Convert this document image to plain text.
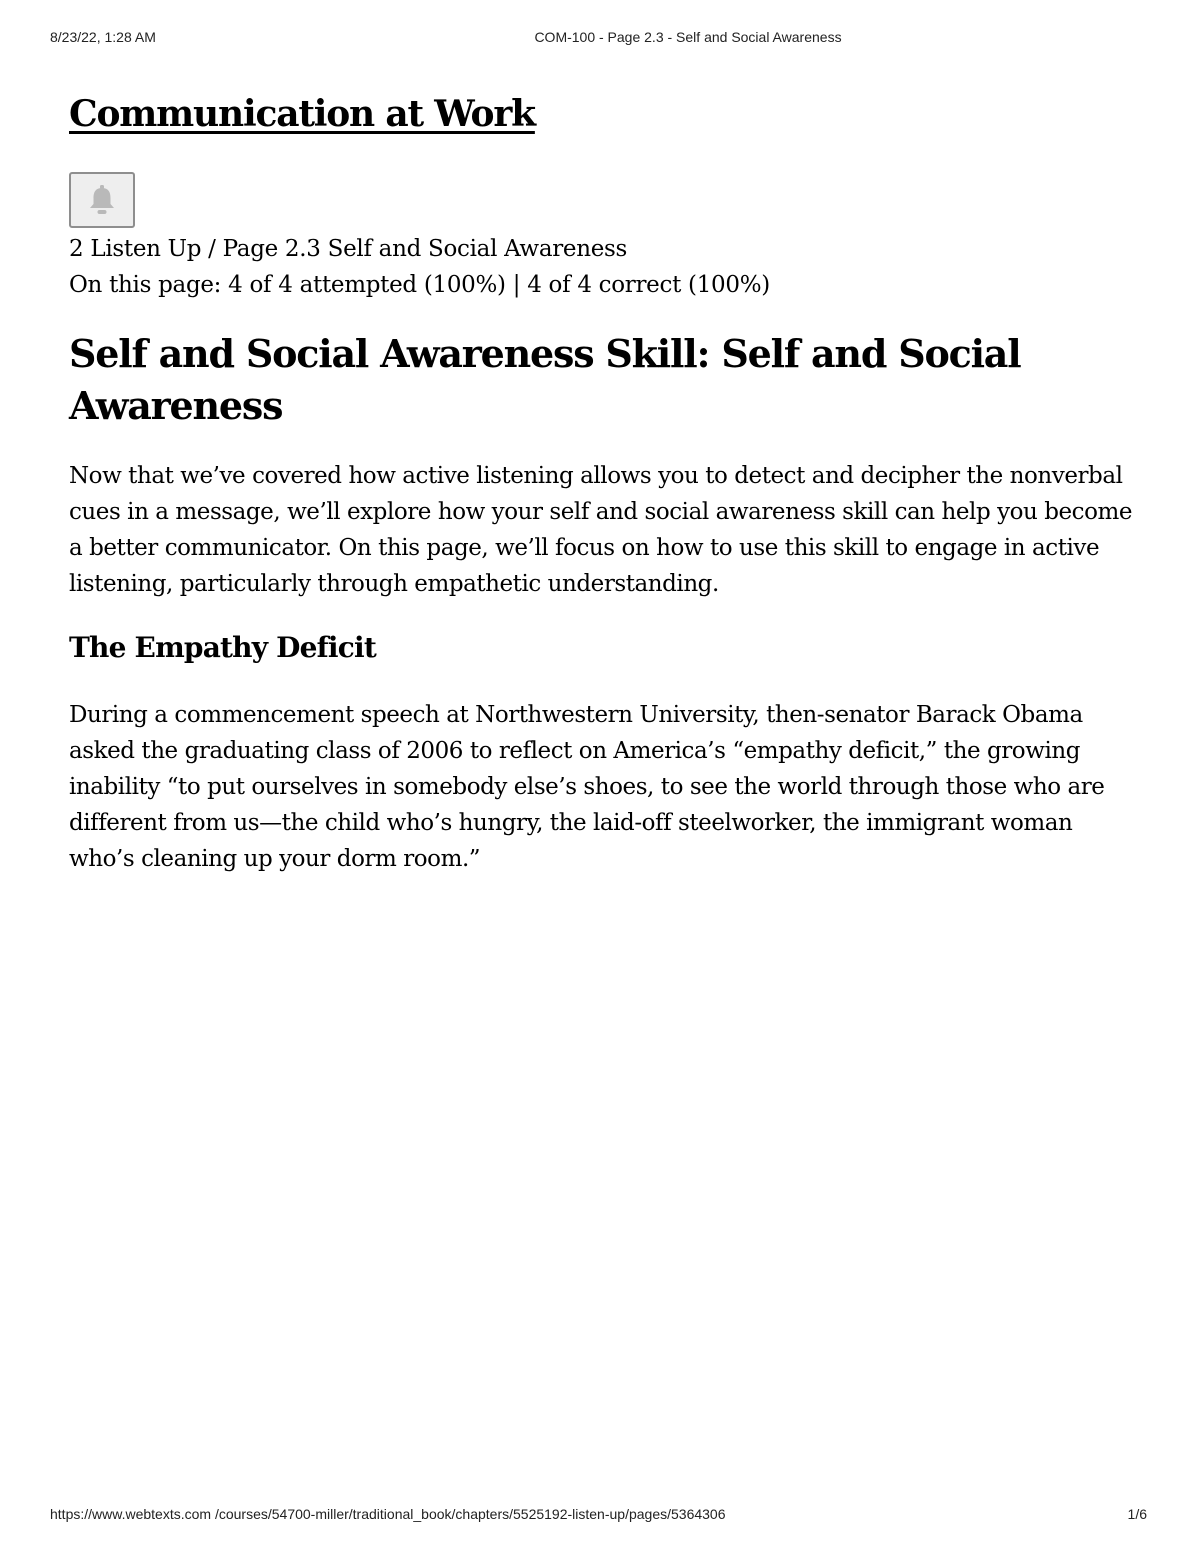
8/23/22, 1:28 AM	COM-100 - Page 2.3 - Self and Social Awareness
Communication at Work
2 Listen Up / Page 2.3 Self and Social Awareness
On this page: 4 of 4 attempted (100%) | 4 of 4 correct (100%)
Self and Social Awareness Skill: Self and Social Awareness

Now that we’ve covered how active listening allows you to detect and decipher the nonverbal cues in a message, we’ll explore how your self and social awareness skill can help you become a better communicator. On this page, we’ll focus on how to use this skill to engage in active listening, particularly through empathetic understanding.

The Empathy Deficit

During a commencement speech at Northwestern University, then-senator Barack Obama asked the graduating class of 2006 to reflect on America’s “empathy deficit,” the growing inability “to put ourselves in somebody else’s shoes, to see the world through those who are different from us—the child who’s hungry, the laid-off steelworker, the immigrant woman who’s cleaning up your dorm room.”

https://www.webtexts.com /courses/54700-miller/traditional_book/chapters/5525192-listen-up/pages/5364306	1/6
